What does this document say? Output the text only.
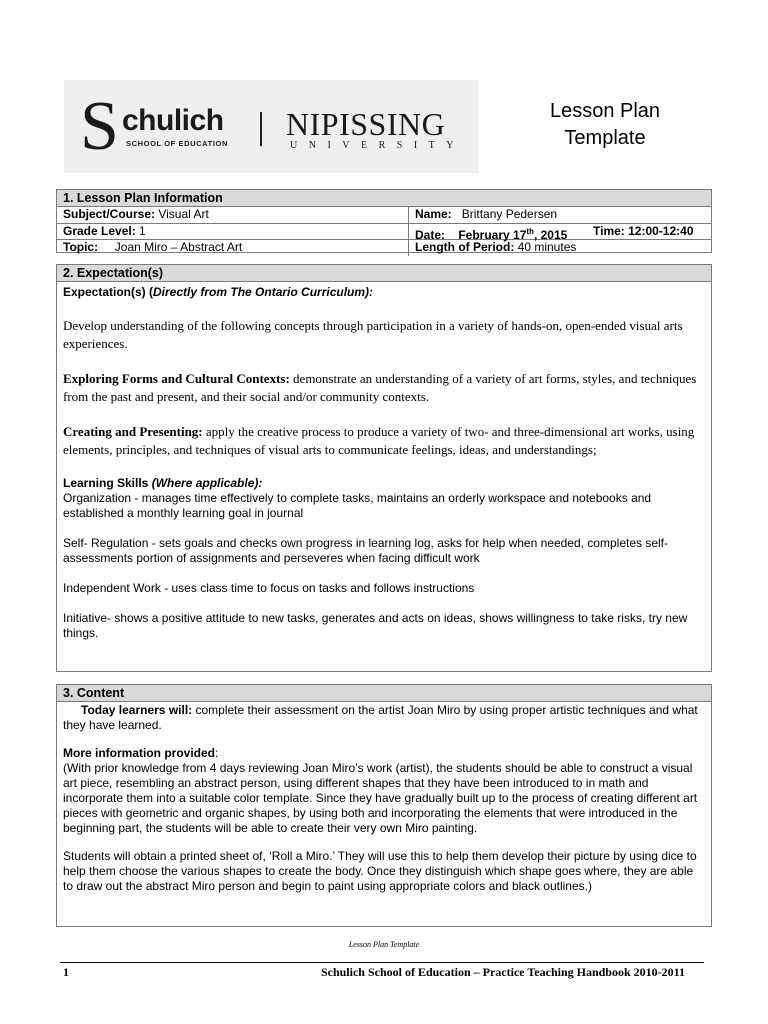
S chulich
SCHOOL OF EDUCATION
NIPISSING
UNIVERSITY
Lesson Plan
Template
1. Lesson Plan Information
Subject/Course: Visual Art	Name:   Brittany Pedersen
Grade Level: 1	Date:    February 17th, 2015 Time: 12:00-12:40
Topic:     Joan Miro – Abstract Art	Length of Period: 40 minutes
2. Expectation(s)

Expectation(s) (Directly from The Ontario Curriculum):

Develop understanding of the following concepts through participation in a variety of hands-on, open-ended visual arts experiences.

Exploring Forms and Cultural Contexts: demonstrate an understanding of a variety of art forms, styles, and techniques from the past and present, and their social and/or community contexts.

Creating and Presenting: apply the creative process to produce a variety of two- and three-dimensional art works, using elements, principles, and techniques of visual arts to communicate feelings, ideas, and understandings;

Learning Skills (Where applicable):

Organization - manages time effectively to complete tasks, maintains an orderly workspace and notebooks and established a monthly learning goal in journal

Self- Regulation - sets goals and checks own progress in learning log, asks for help when needed, completes self-assessments portion of assignments and perseveres when facing difficult work

Independent Work - uses class time to focus on tasks and follows instructions

Initiative- shows a positive attitude to new tasks, generates and acts on ideas, shows willingness to take risks, try new things.

3. Content

Today learners will: complete their assessment on the artist Joan Miro by using proper artistic techniques and what they have learned.

More information provided:

(With prior knowledge from 4 days reviewing Joan Miro’s work (artist), the students should be able to construct a visual art piece, resembling an abstract person, using different shapes that they have been introduced to in math and incorporate them into a suitable color template. Since they have gradually built up to the process of creating different art pieces with geometric and organic shapes, by using both and incorporating the elements that were introduced in the beginning part, the students will be able to create their very own Miro painting.

Students will obtain a printed sheet of, ‘Roll a Miro.’ They will use this to help them develop their picture by using dice to help them choose the various shapes to create the body. Once they distinguish which shape goes where, they are able to draw out the abstract Miro person and begin to paint using appropriate colors and black outlines.)

Lesson Plan Template
1	Schulich School of Education – Practice Teaching Handbook 2010-2011
